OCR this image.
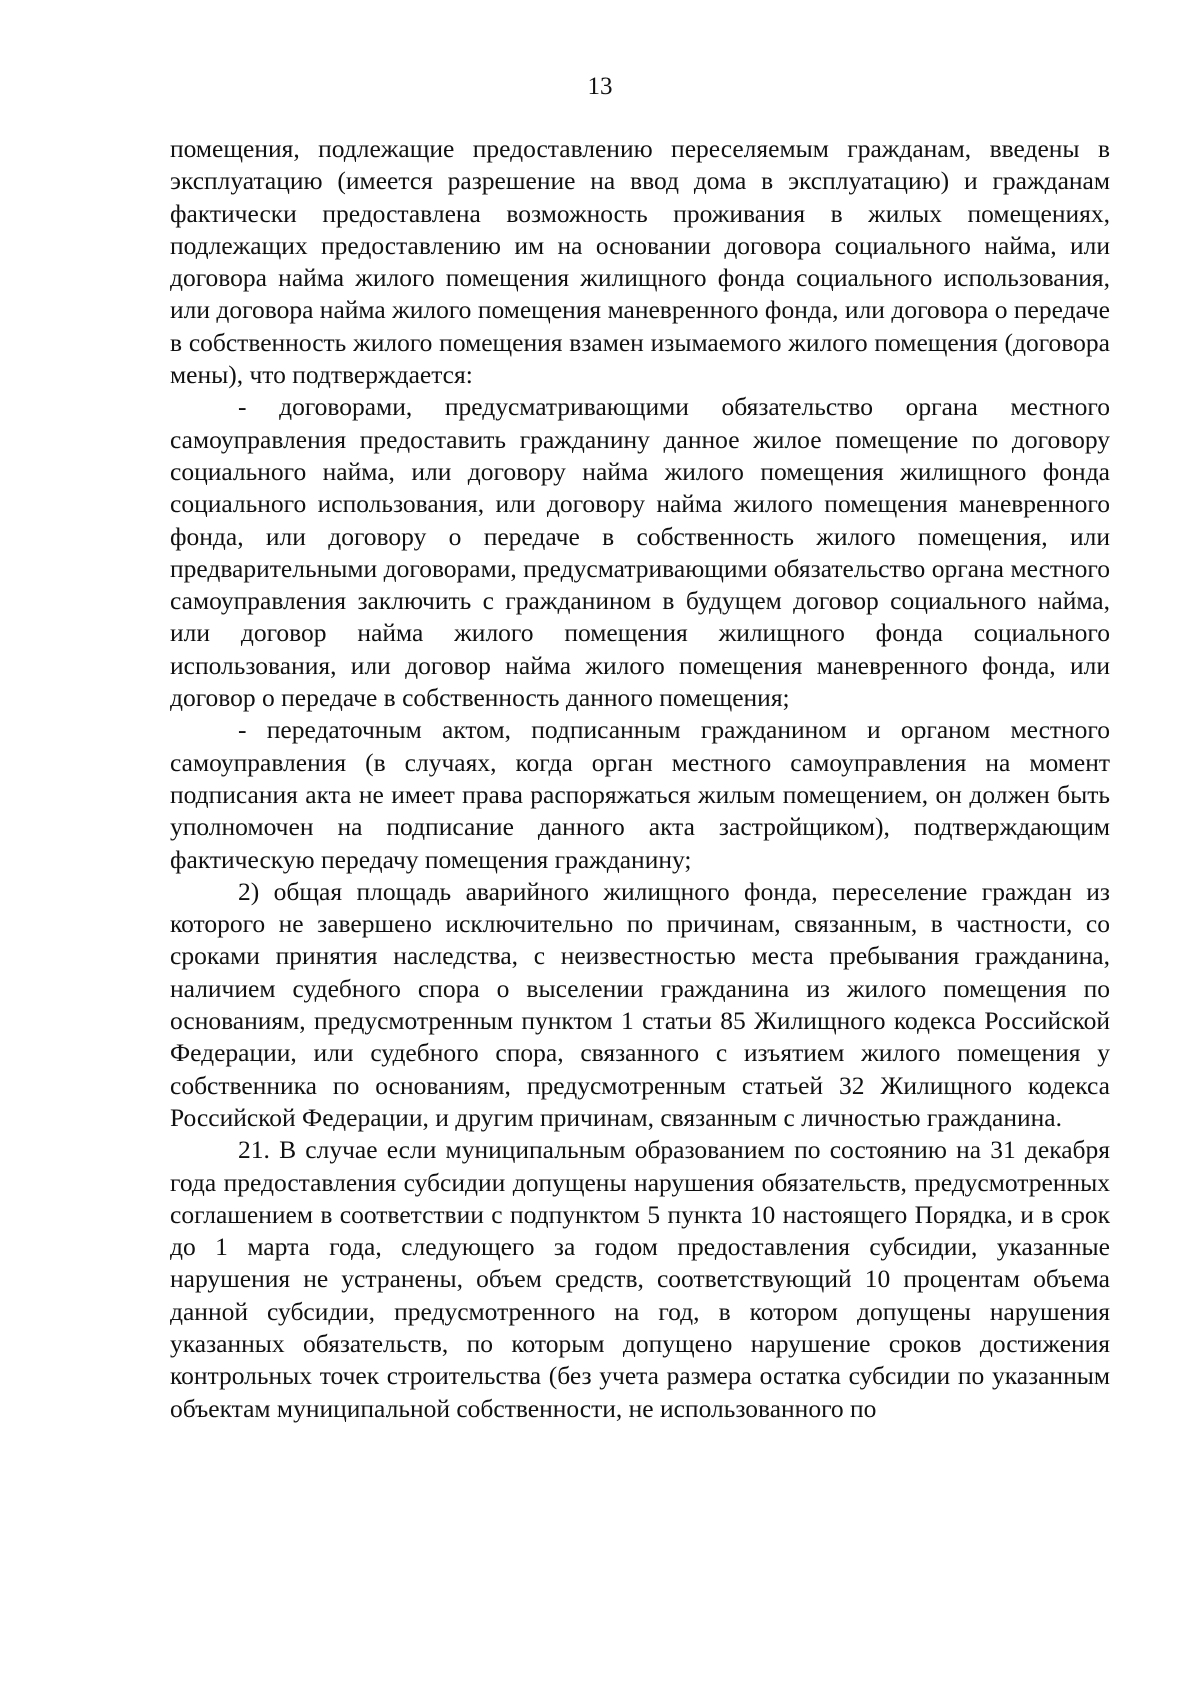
13

помещения, подлежащие предоставлению переселяемым гражданам, введены в эксплуатацию (имеется разрешение на ввод дома в эксплуатацию) и гражданам фактически предоставлена возможность проживания в жилых помещениях, подлежащих предоставлению им на основании договора социального найма, или договора найма жилого помещения жилищного фонда социального использования, или договора найма жилого помещения маневренного фонда, или договора о передаче в собственность жилого помещения взамен изымаемого жилого помещения (договора мены), что подтверждается:

- договорами, предусматривающими обязательство органа местного самоуправления предоставить гражданину данное жилое помещение по договору социального найма, или договору найма жилого помещения жилищного фонда социального использования, или договору найма жилого помещения маневренного фонда, или договору о передаче в собственность жилого помещения, или предварительными договорами, предусматривающими обязательство органа местного самоуправления заключить с гражданином в будущем договор социального найма, или договор найма жилого помещения жилищного фонда социального использования, или договор найма жилого помещения маневренного фонда, или договор о передаче в собственность данного помещения;

- передаточным актом, подписанным гражданином и органом местного самоуправления (в случаях, когда орган местного самоуправления на момент подписания акта не имеет права распоряжаться жилым помещением, он должен быть уполномочен на подписание данного акта застройщиком), подтверждающим фактическую передачу помещения гражданину;

2) общая площадь аварийного жилищного фонда, переселение граждан из которого не завершено исключительно по причинам, связанным, в частности, со сроками принятия наследства, с неизвестностью места пребывания гражданина, наличием судебного спора о выселении гражданина из жилого помещения по основаниям, предусмотренным пунктом 1 статьи 85 Жилищного кодекса Российской Федерации, или судебного спора, связанного с изъятием жилого помещения у собственника по основаниям, предусмотренным статьей 32 Жилищного кодекса Российской Федерации, и другим причинам, связанным с личностью гражданина.

21. В случае если муниципальным образованием по состоянию на 31 декабря года предоставления субсидии допущены нарушения обязательств, предусмотренных соглашением в соответствии с подпунктом 5 пункта 10 настоящего Порядка, и в срок до 1 марта года, следующего за годом предоставления субсидии, указанные нарушения не устранены, объем средств, соответствующий 10 процентам объема данной субсидии, предусмотренного на год, в котором допущены нарушения указанных обязательств, по которым допущено нарушение сроков достижения контрольных точек строительства (без учета размера остатка субсидии по указанным объектам муниципальной собственности, не использованного по
